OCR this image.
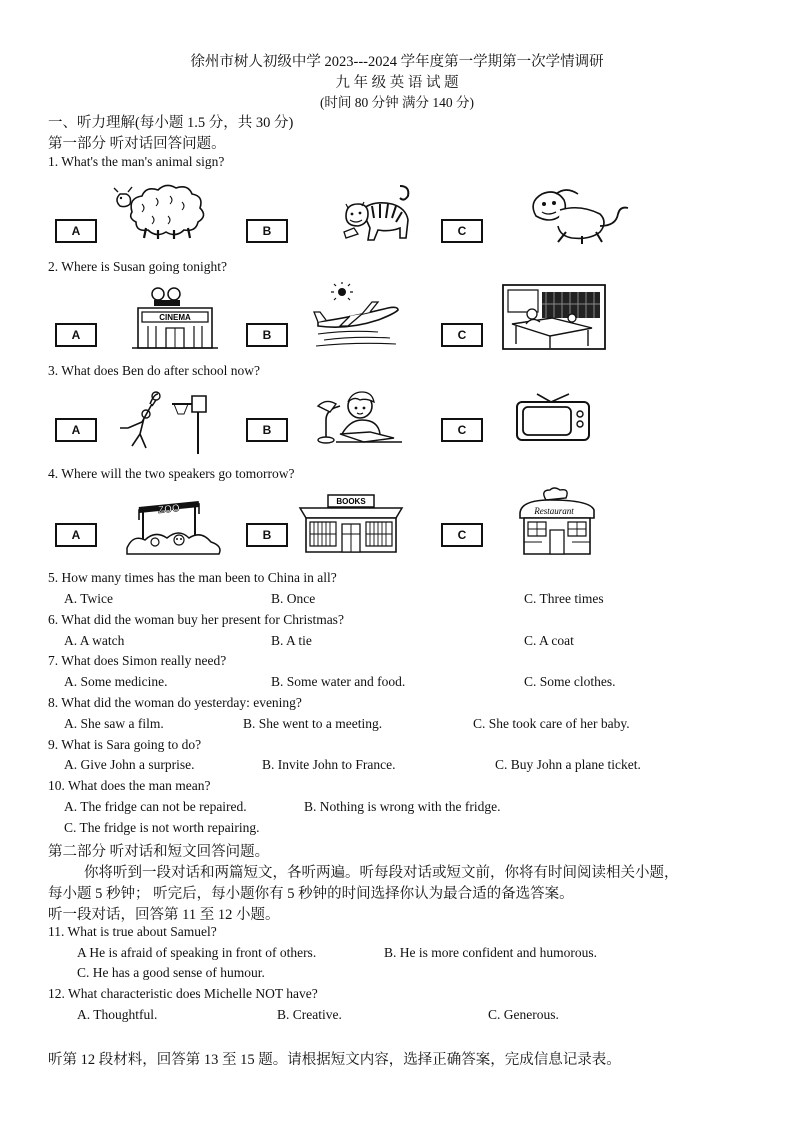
徐州市树人初级中学 2023---2024 学年度第一学期第一次学情调研
九 年 级 英 语 试 题
(时间 80 分钟 满分 140 分)
一、听力理解(每小题 1.5 分，共 30 分)
第一部分 听对话回答问题。
1. What's the man's animal sign?
A	B	C
2. Where is Susan going tonight?
A
CINEMA
B	C
3. What does Ben do after school now?
A	B	C
4. Where will the two speakers go tomorrow?
A
ZOO
B
BOOKS
C
Restaurant
5. How many times has the man been to China in all?
A. Twice	B. Once	C. Three times
6. What did the woman buy her present for Christmas?
A. A watch	B. A tie	C. A coat
7. What does Simon really need?
A. Some medicine.	B. Some water and food.	C. Some clothes.
8. What did the woman do yesterday: evening?
A. She saw a film.	B. She went to a meeting.	C. She took care of her baby.
9. What is Sara going to do?
A. Give John a surprise.	B. Invite John to France.	C. Buy John a plane ticket.
10. What does the man mean?
A. The fridge can not be repaired.	B. Nothing is wrong with the fridge.
C. The fridge is not worth repairing.
第二部分 听对话和短文回答问题。
你将听到一段对话和两篇短文，各听两遍。听每段对话或短文前，你将有时间阅读相关小题，
每小题 5 秒钟； 听完后，每小题你有 5 秒钟的时间选择你认为最合适的备选答案。
听一段对话，回答第 11 至 12 小题。
11. What is true about Samuel?
A He is afraid of speaking in front of others.	B. He is more confident and humorous.
C. He has a good sense of humour.
12. What characteristic does Michelle NOT have?
A. Thoughtful.	B. Creative.	C. Generous.
听第 12 段材料，回答第 13 至 15 题。请根据短文内容，选择正确答案，完成信息记录表。
